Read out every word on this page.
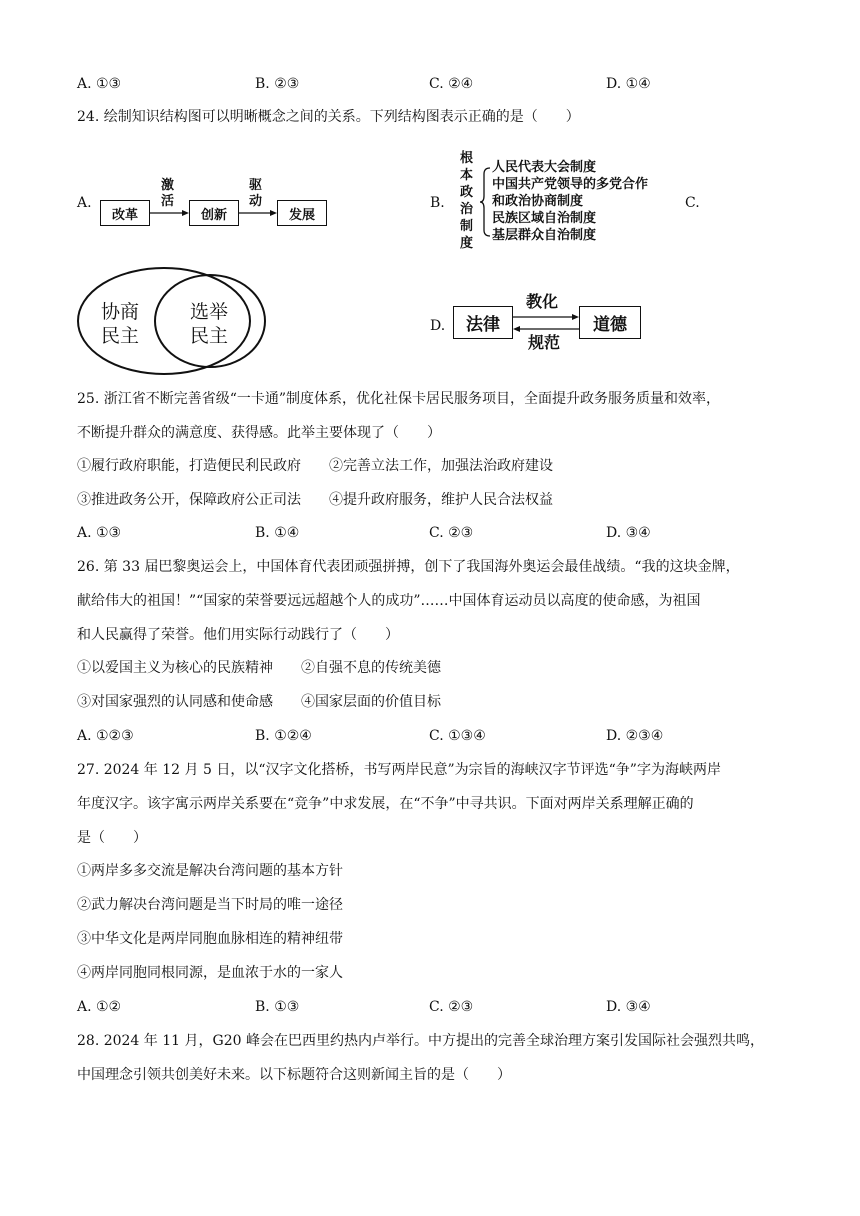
A. ①③	B. ②③	C. ②④	D. ①④
24. 绘制知识结构图可以明晰概念之间的关系。下列结构图表示正确的是（　　）
A.
改革	创新	发展
激
活
驱
动	B.
根
本
政
治
制
度
人民代表大会制度
中国共产党领导的多党合作
和政治协商制度
民族区域自治制度
基层群众自治制度
C.
协商
民主
选举
民主	D.	法律	道德
教化
规范
25. 浙江省不断完善省级“一卡通”制度体系，优化社保卡居民服务项目，全面提升政务服务质量和效率，
不断提升群众的满意度、获得感。此举主要体现了（　　）
①履行政府职能，打造便民利民政府　　②完善立法工作，加强法治政府建设
③推进政务公开，保障政府公正司法　　④提升政府服务，维护人民合法权益
A. ①③	B. ①④	C. ②③	D. ③④
26. 第 33 届巴黎奥运会上，中国体育代表团顽强拼搏，创下了我国海外奥运会最佳战绩。“我的这块金牌，
献给伟大的祖国！”“国家的荣誉要远远超越个人的成功”……中国体育运动员以高度的使命感，为祖国
和人民赢得了荣誉。他们用实际行动践行了（　　）
①以爱国主义为核心的民族精神　　②自强不息的传统美德
③对国家强烈的认同感和使命感　　④国家层面的价值目标
A. ①②③	B. ①②④	C. ①③④	D. ②③④
27. 2024 年 12 月 5 日，以“汉字文化搭桥，书写两岸民意”为宗旨的海峡汉字节评选“争”字为海峡两岸
年度汉字。该字寓示两岸关系要在“竞争”中求发展，在“不争”中寻共识。下面对两岸关系理解正确的
是（　　）
①两岸多多交流是解决台湾问题的基本方针
②武力解决台湾问题是当下时局的唯一途径
③中华文化是两岸同胞血脉相连的精神纽带
④两岸同胞同根同源，是血浓于水的一家人
A. ①②	B. ①③	C. ②③	D. ③④
28. 2024 年 11 月，G20 峰会在巴西里约热内卢举行。中方提出的完善全球治理方案引发国际社会强烈共鸣，
中国理念引领共创美好未来。以下标题符合这则新闻主旨的是（　　）
